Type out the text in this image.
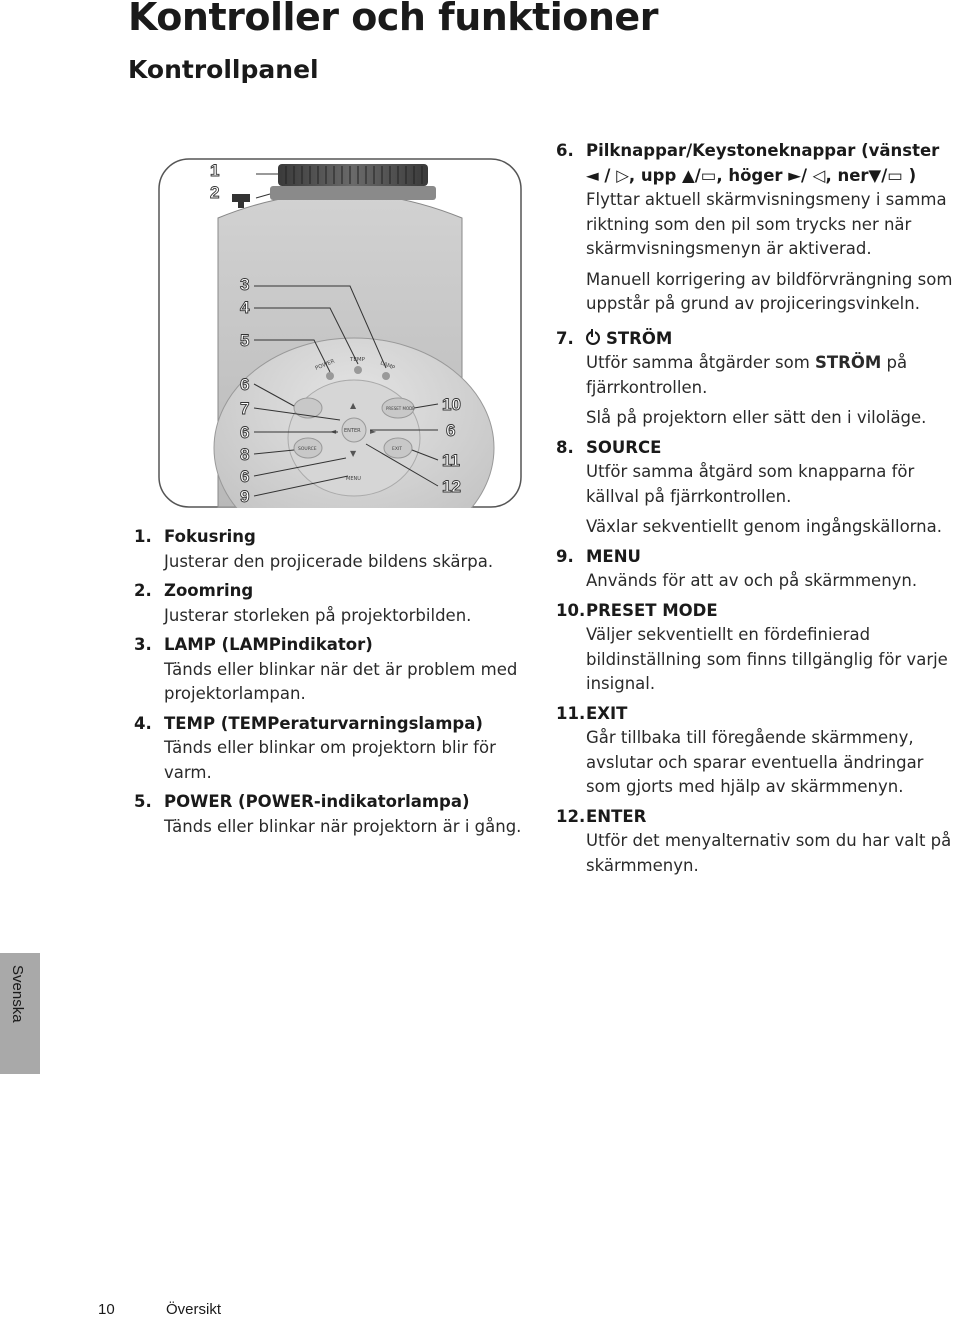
Kontroller och funktioner
Kontrollpanel
POWER	TEMP
LAMP
SOURCE
PRESET MODE
EXIT
ENTER
▲
▼
◄	►
MENU
1
2
3
4
5
6
7
6
8
6
9
10
6
11
12
1. Fokusring
Justerar den projicerade bildens skärpa.
2. Zoomring
Justerar storleken på projektorbilden.
3. LAMP (LAMPindikator)
Tänds eller blinkar när det är problem med projektorlampan.
4. TEMP (TEMPeraturvarningslampa)
Tänds eller blinkar om projektorn blir för varm.
5. POWER (POWER-indikatorlampa)
Tänds eller blinkar när projektorn är i gång.
6. Pilknappar/Keystoneknappar (vänster
◄ / ▷, upp ▲/▭, höger ►/ ◁, ner▼/▭ )
Flyttar aktuell skärmvisningsmeny i samma riktning som den pil som trycks ner när skärmvisningsmenyn är aktiverad.
Manuell korrigering av bildförvrängning som uppstår på grund av projiceringsvinkeln.
7.	STRÖM
Utför samma åtgärder som STRÖM på fjärrkontrollen.
Slå på projektorn eller sätt den i viloläge.
8. SOURCE
Utför samma åtgärd som knapparna för källval på fjärrkontrollen.
Växlar sekventiellt genom ingångskällorna.
9. MENU
Används för att av och på skärmmenyn.
10. PRESET MODE
Väljer sekventiellt en fördefinierad bildinställning som finns tillgänglig för varje insignal.
11. EXIT
Går tillbaka till föregående skärmmeny, avslutar och sparar eventuella ändringar som gjorts med hjälp av skärmmenyn.
12. ENTER
Utför det menyalternativ som du har valt på skärmmenyn.
Svenska
10	Översikt
